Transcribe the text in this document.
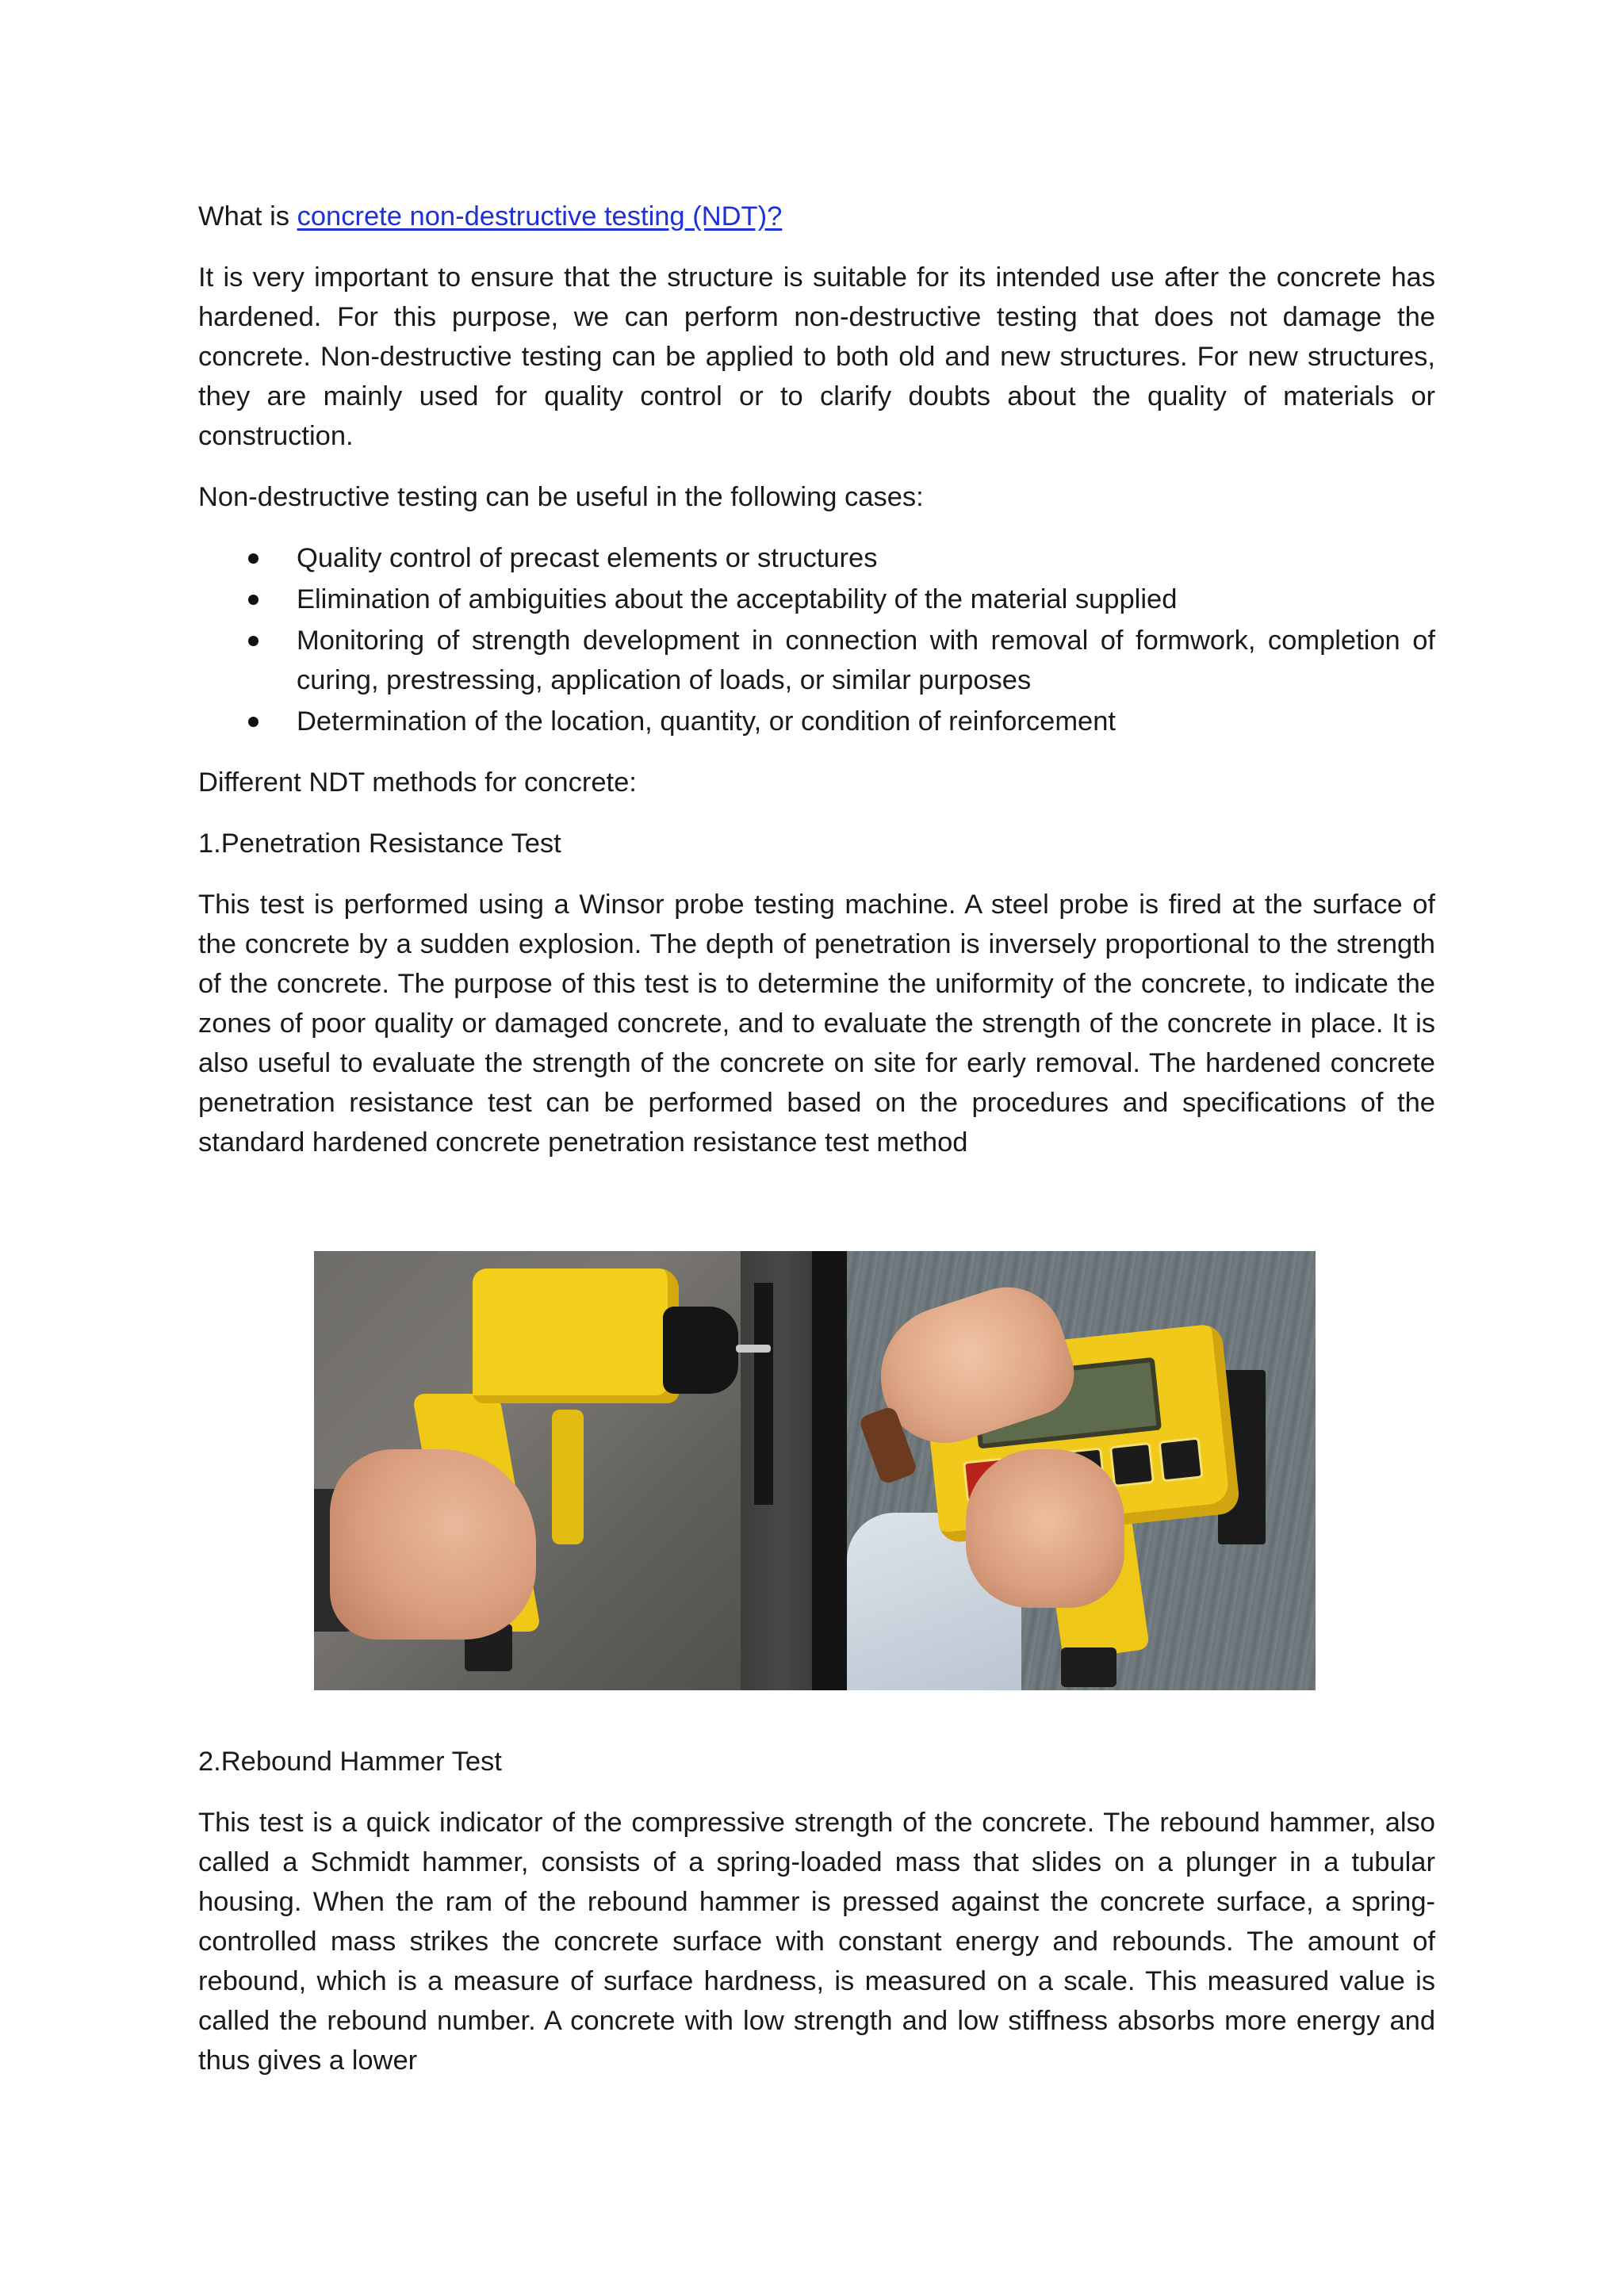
What is concrete non-destructive testing (NDT)?

It is very important to ensure that the structure is suitable for its intended use after the concrete has hardened. For this purpose, we can perform non-destructive testing that does not damage the concrete. Non-destructive testing can be applied to both old and new structures. For new structures, they are mainly used for quality control or to clarify doubts about the quality of materials or construction.

Non-destructive testing can be useful in the following cases:

Quality control of precast elements or structures
Elimination of ambiguities about the acceptability of the material supplied
Monitoring of strength development in connection with removal of formwork, completion of curing, prestressing, application of loads, or similar purposes
Determination of the location, quantity, or condition of reinforcement

Different NDT methods for concrete:

1.Penetration Resistance Test

This test is performed using a Winsor probe testing machine. A steel probe is fired at the surface of the concrete by a sudden explosion. The depth of penetration is inversely proportional to the strength of the concrete. The purpose of this test is to determine the uniformity of the concrete, to indicate the zones of poor quality or damaged concrete, and to evaluate the strength of the concrete in place. It is also useful to evaluate the strength of the concrete on site for early removal. The hardened concrete penetration resistance test can be performed based on the procedures and specifications of the standard hardened concrete penetration resistance test method

2.Rebound Hammer Test

This test is a quick indicator of the compressive strength of the concrete. The rebound hammer, also called a Schmidt hammer, consists of a spring-loaded mass that slides on a plunger in a tubular housing. When the ram of the rebound hammer is pressed against the concrete surface, a spring-controlled mass strikes the concrete surface with constant energy and rebounds. The amount of rebound, which is a measure of surface hardness, is measured on a scale. This measured value is called the rebound number. A concrete with low strength and low stiffness absorbs more energy and thus gives a lower
